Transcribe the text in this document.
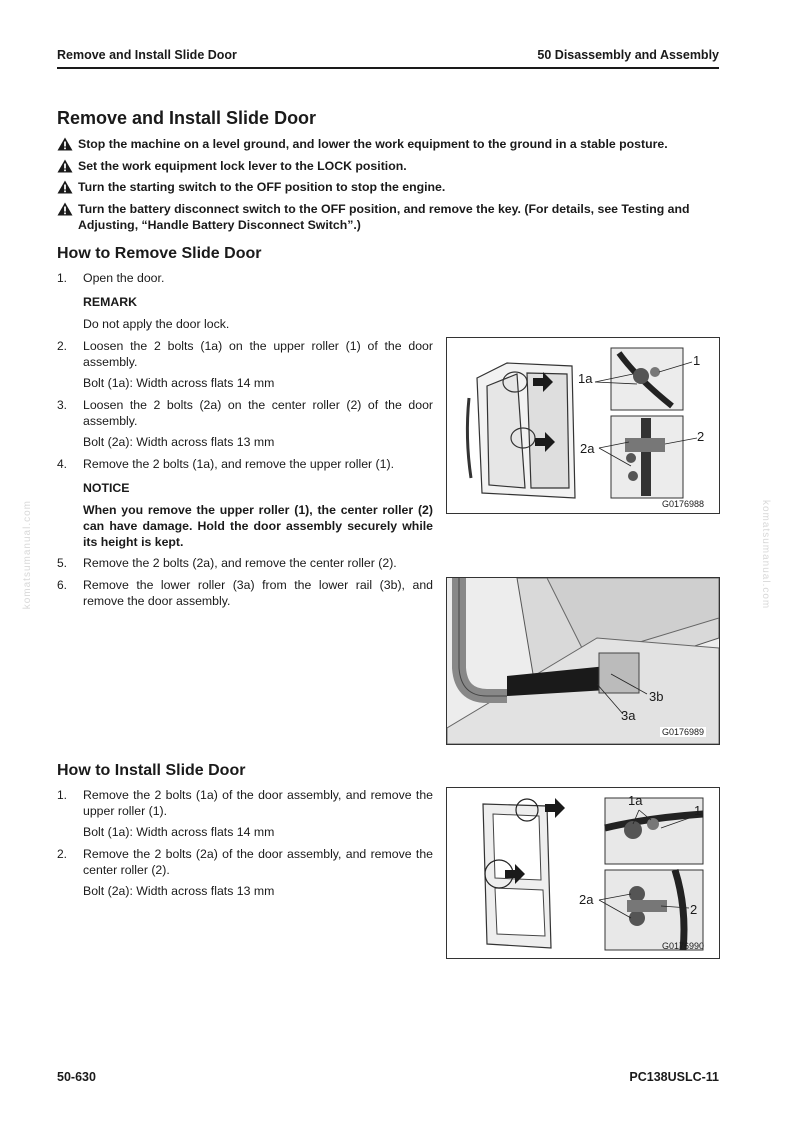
Remove and Install Slide Door	50 Disassembly and Assembly
Remove and Install Slide Door
Stop the machine on a level ground, and lower the work equipment to the ground in a stable posture.
Set the work equipment lock lever to the LOCK position.
Turn the starting switch to the OFF position to stop the engine.
Turn the battery disconnect switch to the OFF position, and remove the key. (For details, see Testing and Adjusting, “Handle Battery Disconnect Switch”.)
How to Remove Slide Door
1. Open the door.
REMARK
Do not apply the door lock.
2. Loosen the 2 bolts (1a) on the upper roller (1) of the door assembly.
Bolt (1a): Width across flats 14 mm
3. Loosen the 2 bolts (2a) on the center roller (2) of the door assembly.
Bolt (2a): Width across flats 13 mm
4. Remove the 2 bolts (1a), and remove the upper roller (1).
NOTICE
When you remove the upper roller (1), the center roller (2) can have damage. Hold the door assembly securely while its height is kept.
5. Remove the 2 bolts (2a), and remove the center roller (2).
6. Remove the lower roller (3a) from the lower rail (3b), and remove the door assembly.
1a
1
2a
2
G0176988
3b
3a
G0176989
How to Install Slide Door
1. Remove the 2 bolts (1a) of the door assembly, and remove the upper roller (1).
Bolt (1a): Width across flats 14 mm
2. Remove the 2 bolts (2a) of the door assembly, and remove the center roller (2).
Bolt (2a): Width across flats 13 mm
1a
1
2a
2
G0176990
komatsumanual.com	komatsumanual.com
50-630	PC138USLC-11
